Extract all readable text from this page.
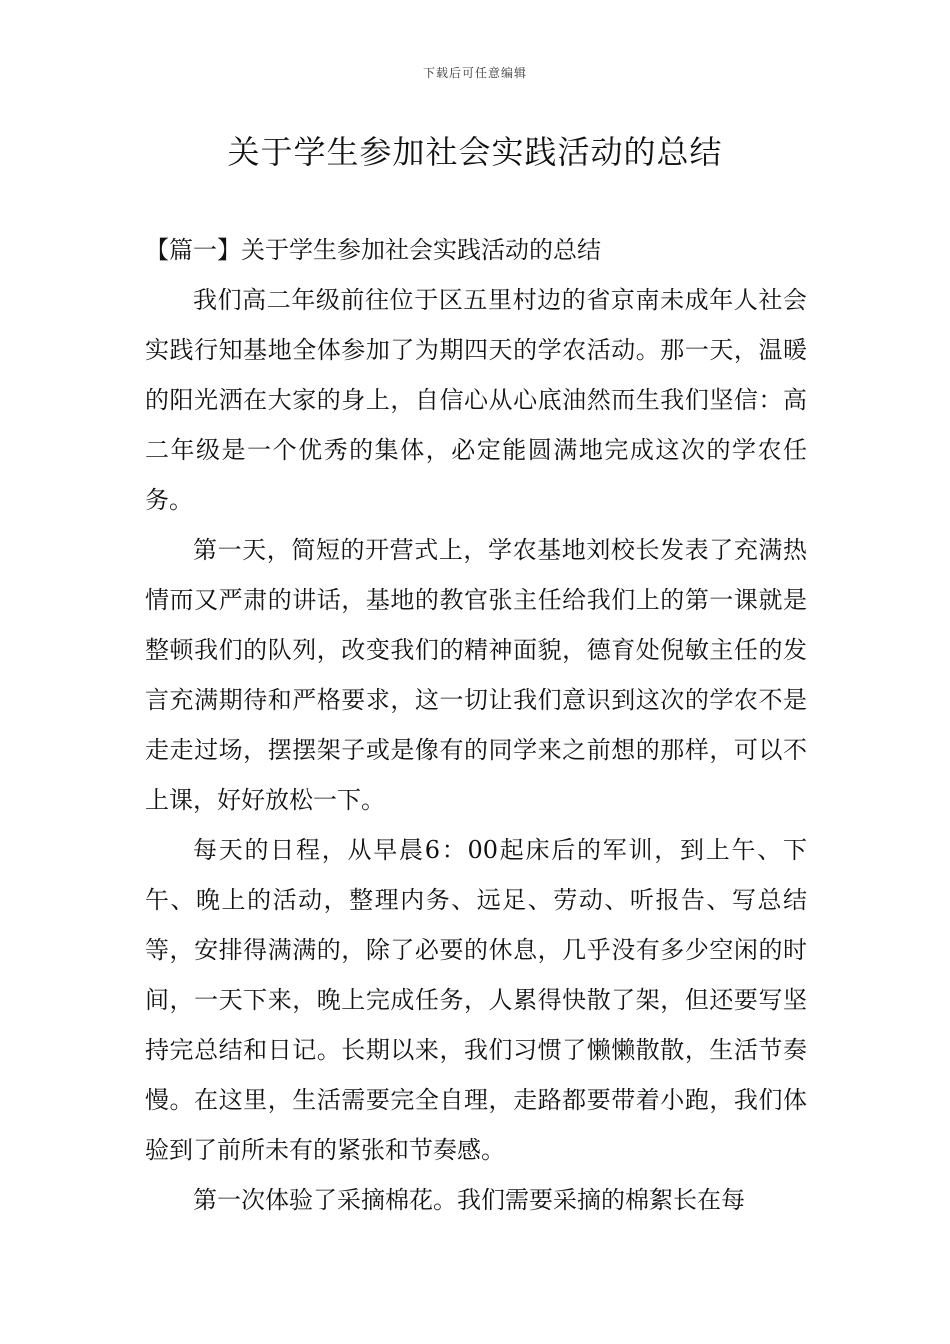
下载后可任意编辑
关于学生参加社会实践活动的总结
【篇一】关于学生参加社会实践活动的总结

我们高二年级前往位于区五里村边的省京南未成年人社会实践行知基地全体参加了为期四天的学农活动。那一天，温暖的阳光洒在大家的身上，自信心从心底油然而生我们坚信：高二年级是一个优秀的集体，必定能圆满地完成这次的学农任务。

第一天，简短的开营式上，学农基地刘校长发表了充满热情而又严肃的讲话，基地的教官张主任给我们上的第一课就是整顿我们的队列，改变我们的精神面貌，德育处倪敏主任的发言充满期待和严格要求，这一切让我们意识到这次的学农不是走走过场，摆摆架子或是像有的同学来之前想的那样，可以不上课，好好放松一下。

每天的日程，从早晨6：00起床后的军训，到上午、下午、晚上的活动，整理内务、远足、劳动、听报告、写总结等，安排得满满的，除了必要的休息，几乎没有多少空闲的时间，一天下来，晚上完成任务，人累得快散了架，但还要写坚持完总结和日记。长期以来，我们习惯了懒懒散散，生活节奏慢。在这里，生活需要完全自理，走路都要带着小跑，我们体验到了前所未有的紧张和节奏感。

第一次体验了采摘棉花。我们需要采摘的棉絮长在每
